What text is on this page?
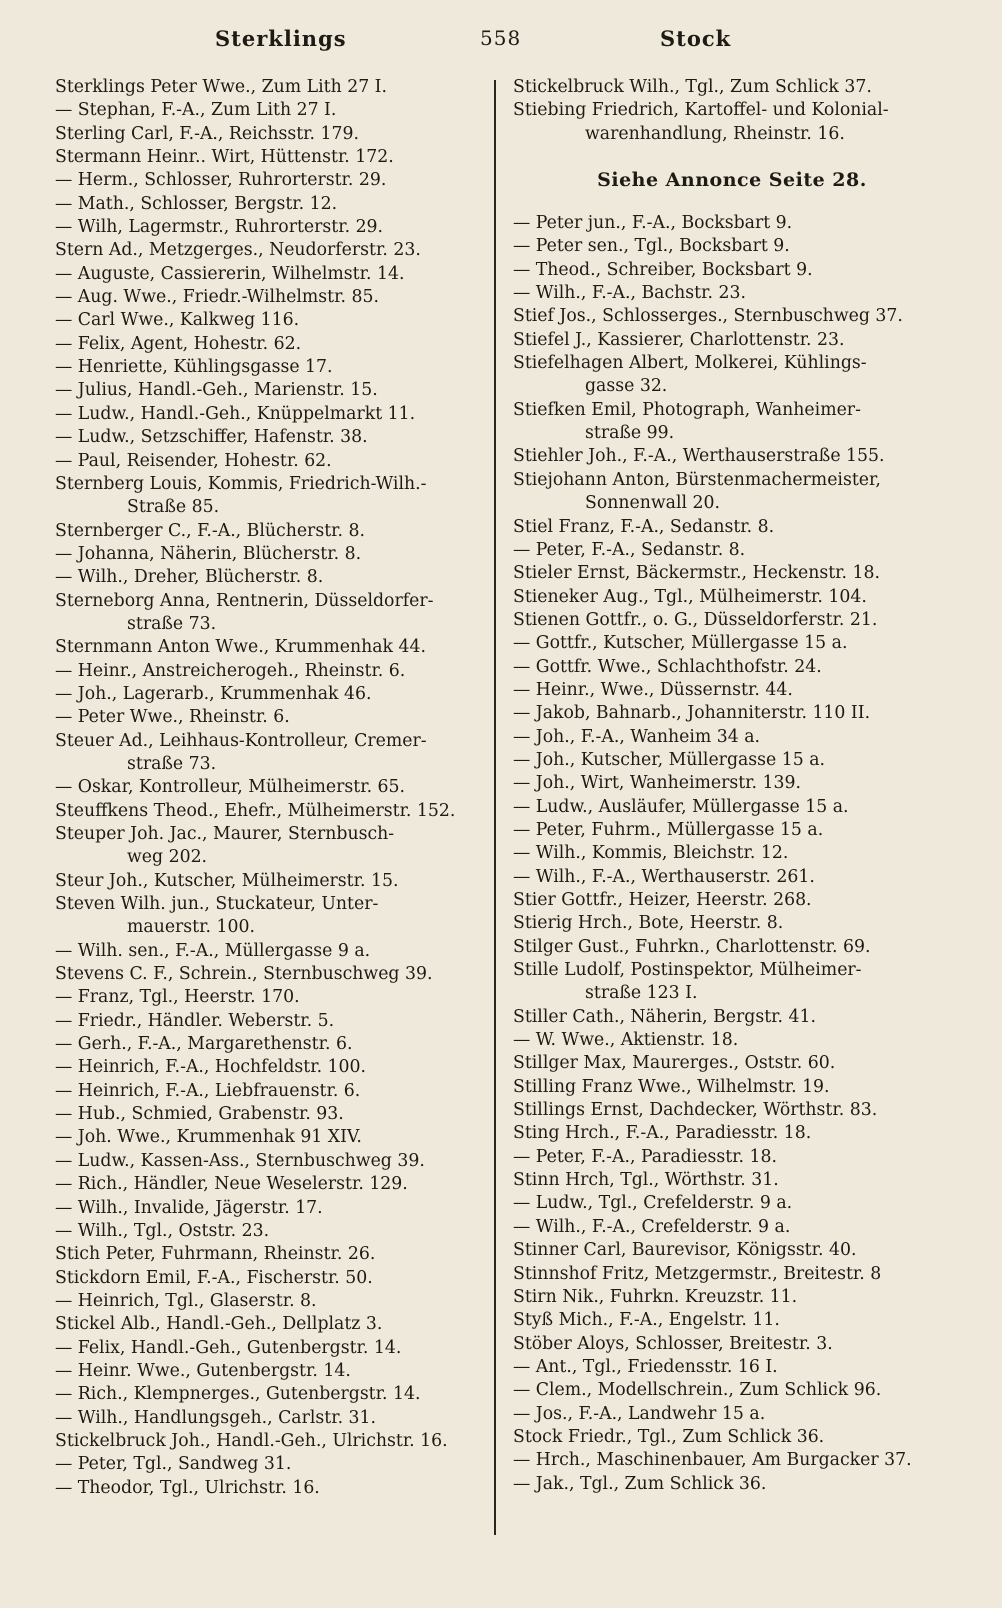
Sterklings	558	Stock
Sterklings Peter Wwe., Zum Lith 27 I.
— Stephan, F.-A., Zum Lith 27 I.
Sterling Carl, F.-A., Reichsstr. 179.
Stermann Heinr.. Wirt, Hüttenstr. 172.
— Herm., Schlosser, Ruhrorterstr. 29.
— Math., Schlosser, Bergstr. 12.
— Wilh, Lagermstr., Ruhrorterstr. 29.
Stern Ad., Metzgerges., Neudorferstr. 23.
— Auguste, Cassiererin, Wilhelmstr. 14.
— Aug. Wwe., Friedr.-Wilhelmstr. 85.
— Carl Wwe., Kalkweg 116.
— Felix, Agent, Hohestr. 62.
— Henriette, Kühlingsgasse 17.
— Julius, Handl.-Geh., Marienstr. 15.
— Ludw., Handl.-Geh., Knüppelmarkt 11.
— Ludw., Setzschiffer, Hafenstr. 38.
— Paul, Reisender, Hohestr. 62.
Sternberg Louis, Kommis, Friedrich-Wilh.-
Straße 85.
Sternberger C., F.-A., Blücherstr. 8.
— Johanna, Näherin, Blücherstr. 8.
— Wilh., Dreher, Blücherstr. 8.
Sterneborg Anna, Rentnerin, Düsseldorfer-
straße 73.
Sternmann Anton Wwe., Krummenhak 44.
— Heinr., Anstreicherogeh., Rheinstr. 6.
— Joh., Lagerarb., Krummenhak 46.
— Peter Wwe., Rheinstr. 6.
Steuer Ad., Leihhaus-Kontrolleur, Cremer-
straße 73.
— Oskar, Kontrolleur, Mülheimerstr. 65.
Steuffkens Theod., Ehefr., Mülheimerstr. 152.
Steuper Joh. Jac., Maurer, Sternbusch-
weg 202.
Steur Joh., Kutscher, Mülheimerstr. 15.
Steven Wilh. jun., Stuckateur, Unter-
mauerstr. 100.
— Wilh. sen., F.-A., Müllergasse 9 a.
Stevens C. F., Schrein., Sternbuschweg 39.
— Franz, Tgl., Heerstr. 170.
— Friedr., Händler. Weberstr. 5.
— Gerh., F.-A., Margarethenstr. 6.
— Heinrich, F.-A., Hochfeldstr. 100.
— Heinrich, F.-A., Liebfrauenstr. 6.
— Hub., Schmied, Grabenstr. 93.
— Joh. Wwe., Krummenhak 91 XIV.
— Ludw., Kassen-Ass., Sternbuschweg 39.
— Rich., Händler, Neue Weselerstr. 129.
— Wilh., Invalide, Jägerstr. 17.
— Wilh., Tgl., Oststr. 23.
Stich Peter, Fuhrmann, Rheinstr. 26.
Stickdorn Emil, F.-A., Fischerstr. 50.
— Heinrich, Tgl., Glaserstr. 8.
Stickel Alb., Handl.-Geh., Dellplatz 3.
— Felix, Handl.-Geh., Gutenbergstr. 14.
— Heinr. Wwe., Gutenbergstr. 14.
— Rich., Klempnerges., Gutenbergstr. 14.
— Wilh., Handlungsgeh., Carlstr. 31.
Stickelbruck Joh., Handl.-Geh., Ulrichstr. 16.
— Peter, Tgl., Sandweg 31.
— Theodor, Tgl., Ulrichstr. 16.
Stickelbruck Wilh., Tgl., Zum Schlick 37.
Stiebing Friedrich, Kartoffel- und Kolonial-
warenhandlung, Rheinstr. 16.
Siehe Annonce Seite 28.
— Peter jun., F.-A., Bocksbart 9.
— Peter sen., Tgl., Bocksbart 9.
— Theod., Schreiber, Bocksbart 9.
— Wilh., F.-A., Bachstr. 23.
Stief Jos., Schlosserges., Sternbuschweg 37.
Stiefel J., Kassierer, Charlottenstr. 23.
Stiefelhagen Albert, Molkerei, Kühlings-
gasse 32.
Stiefken Emil, Photograph, Wanheimer-
straße 99.
Stiehler Joh., F.-A., Werthauserstraße 155.
Stiejohann Anton, Bürstenmachermeister,
Sonnenwall 20.
Stiel Franz, F.-A., Sedanstr. 8.
— Peter, F.-A., Sedanstr. 8.
Stieler Ernst, Bäckermstr., Heckenstr. 18.
Stieneker Aug., Tgl., Mülheimerstr. 104.
Stienen Gottfr., o. G., Düsseldorferstr. 21.
— Gottfr., Kutscher, Müllergasse 15 a.
— Gottfr. Wwe., Schlachthofstr. 24.
— Heinr., Wwe., Düssernstr. 44.
— Jakob, Bahnarb., Johanniterstr. 110 II.
— Joh., F.-A., Wanheim 34 a.
— Joh., Kutscher, Müllergasse 15 a.
— Joh., Wirt, Wanheimerstr. 139.
— Ludw., Ausläufer, Müllergasse 15 a.
— Peter, Fuhrm., Müllergasse 15 a.
— Wilh., Kommis, Bleichstr. 12.
— Wilh., F.-A., Werthauserstr. 261.
Stier Gottfr., Heizer, Heerstr. 268.
Stierig Hrch., Bote, Heerstr. 8.
Stilger Gust., Fuhrkn., Charlottenstr. 69.
Stille Ludolf, Postinspektor, Mülheimer-
straße 123 I.
Stiller Cath., Näherin, Bergstr. 41.
— W. Wwe., Aktienstr. 18.
Stillger Max, Maurerges., Oststr. 60.
Stilling Franz Wwe., Wilhelmstr. 19.
Stillings Ernst, Dachdecker, Wörthstr. 83.
Sting Hrch., F.-A., Paradiesstr. 18.
— Peter, F.-A., Paradiesstr. 18.
Stinn Hrch, Tgl., Wörthstr. 31.
— Ludw., Tgl., Crefelderstr. 9 a.
— Wilh., F.-A., Crefelderstr. 9 a.
Stinner Carl, Baurevisor, Königsstr. 40.
Stinnshof Fritz, Metzgermstr., Breitestr. 8
Stirn Nik., Fuhrkn. Kreuzstr. 11.
Styß Mich., F.-A., Engelstr. 11.
Stöber Aloys, Schlosser, Breitestr. 3.
— Ant., Tgl., Friedensstr. 16 I.
— Clem., Modellschrein., Zum Schlick 96.
— Jos., F.-A., Landwehr 15 a.
Stock Friedr., Tgl., Zum Schlick 36.
— Hrch., Maschinenbauer, Am Burgacker 37.
— Jak., Tgl., Zum Schlick 36.
